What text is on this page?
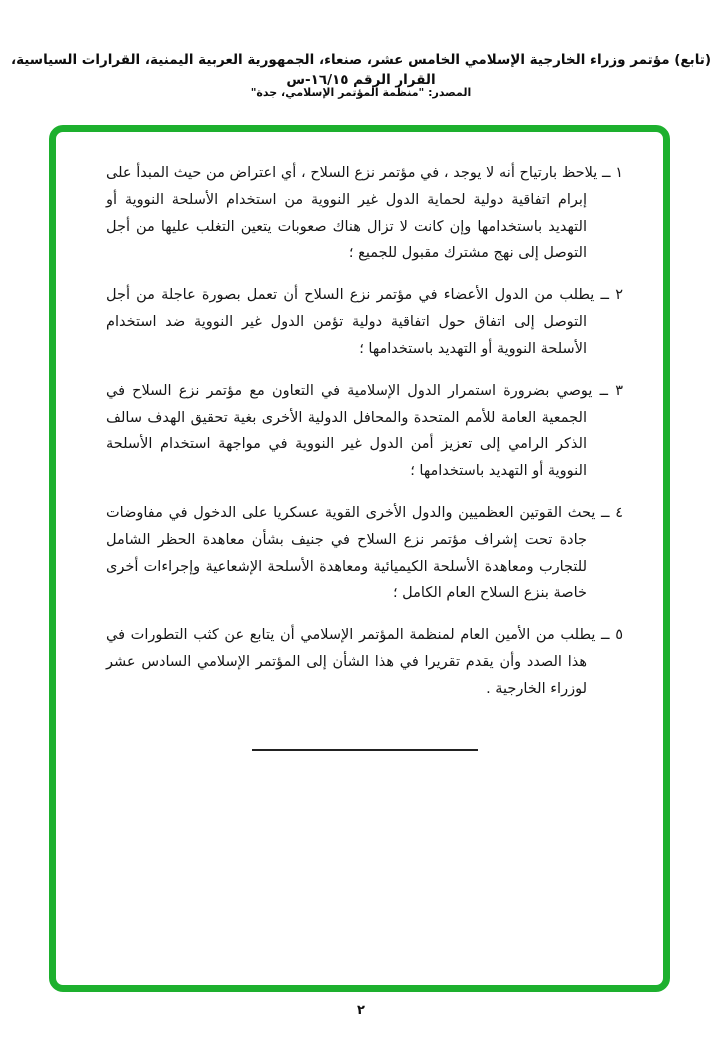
(تابع) مؤتمر وزراء الخارجية الإسلامي الخامس عشر، صنعاء، الجمهورية العربية اليمنية، القرارات السياسية، القرار الرقم ١٦/١٥-س
المصدر: "منظمة المؤتمر الإسلامي، جدة"

١ ــ يلاحظ بارتياح أنه لا يوجد ، في مؤتمر نزع السلاح ، أي اعتراض من حيث المبدأ على إبرام اتفاقية دولية لحماية الدول غير النووية من استخدام الأسلحة النووية أو التهديد باستخدامها وإن كانت لا تزال هناك صعوبات يتعين التغلب عليها من أجل التوصل إلى نهج مشترك مقبول للجميع ؛

٢ ــ يطلب من الدول الأعضاء في مؤتمر نزع السلاح أن تعمل بصورة عاجلة من أجل التوصل إلى اتفاق حول اتفاقية دولية تؤمن الدول غير النووية ضد استخدام الأسلحة النووية أو التهديد باستخدامها ؛

٣ ــ يوصي بضرورة استمرار الدول الإسلامية في التعاون مع مؤتمر نزع السلاح في الجمعية العامة للأمم المتحدة والمحافل الدولية الأخرى بغية تحقيق الهدف سالف الذكر الرامي إلى تعزيز أمن الدول غير النووية في مواجهة استخدام الأسلحة النووية أو التهديد باستخدامها ؛

٤ ــ يحث القوتين العظميين والدول الأخرى القوية عسكريا على الدخول في مفاوضات جادة تحت إشراف مؤتمر نزع السلاح في جنيف بشأن معاهدة الحظر الشامل للتجارب ومعاهدة الأسلحة الكيميائية ومعاهدة الأسلحة الإشعاعية وإجراءات أخرى خاصة بنزع السلاح العام الكامل ؛

٥ ــ يطلب من الأمين العام لمنظمة المؤتمر الإسلامي أن يتابع عن كثب التطورات في هذا الصدد وأن يقدم تقريرا في هذا الشأن إلى المؤتمر الإسلامي السادس عشر لوزراء الخارجية .

٢
